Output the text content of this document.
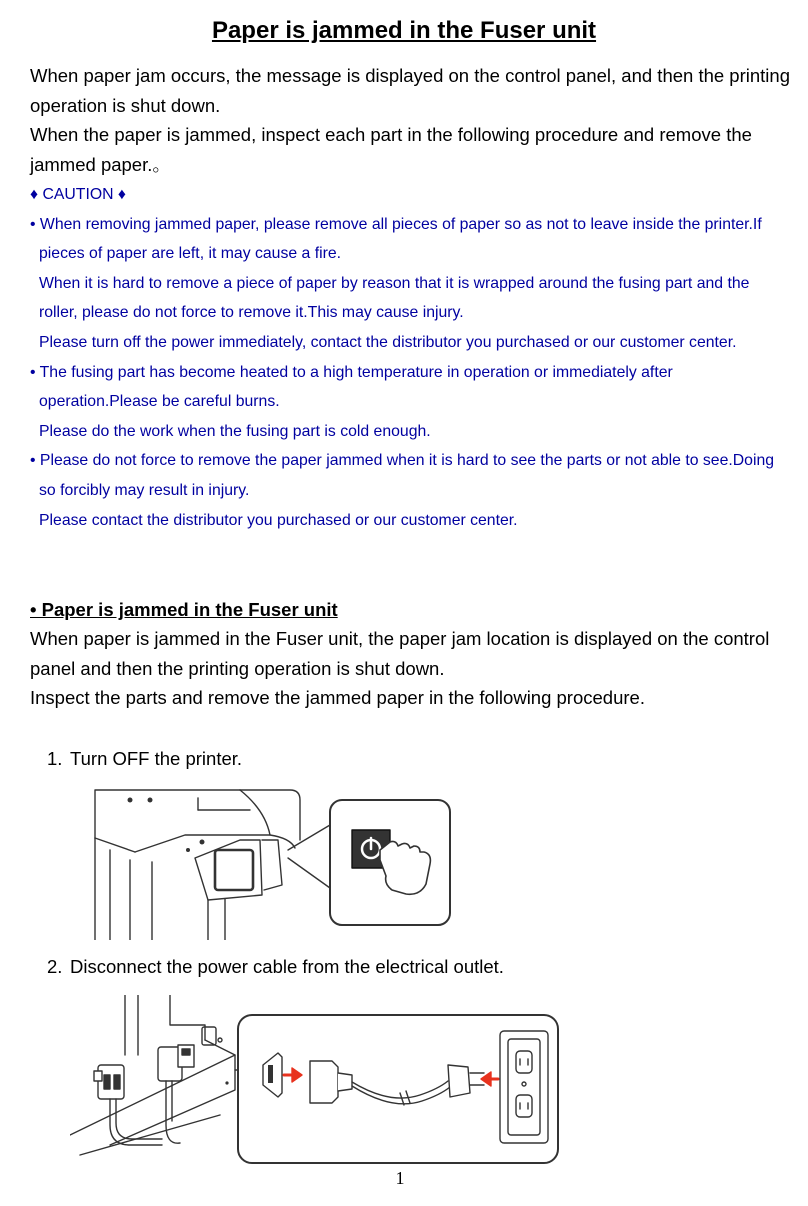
Paper is jammed in the Fuser unit

When paper jam occurs, the message is displayed on the control panel, and then the printing operation is shut down.

When the paper is jammed, inspect each part in the following procedure and remove the jammed paper.。

♦ CAUTION ♦

• When removing jammed paper, please remove all pieces of paper so as not to leave inside the printer.If pieces of paper are left, it may cause a fire.

When it is hard to remove a piece of paper by reason that it is wrapped around the fusing part and the roller, please do not force to remove it.This may cause injury.

Please turn off the power immediately, contact the distributor you purchased or our customer center.

• The fusing part has become heated to a high temperature in operation or immediately after operation.Please be careful burns.

Please do the work when the fusing part is cold enough.

• Please do not force to remove the paper jammed when it is hard to see the parts or not able to see.Doing so forcibly may result in injury.

Please contact the distributor you purchased or our customer center.

• Paper is jammed in the Fuser unit

When paper is jammed in the Fuser unit, the paper jam location is displayed on the control panel and then the printing operation is shut down.

Inspect the parts and remove the jammed paper in the following procedure.

1. Turn OFF the printer.
2. Disconnect the power cable from the electrical outlet.
1
